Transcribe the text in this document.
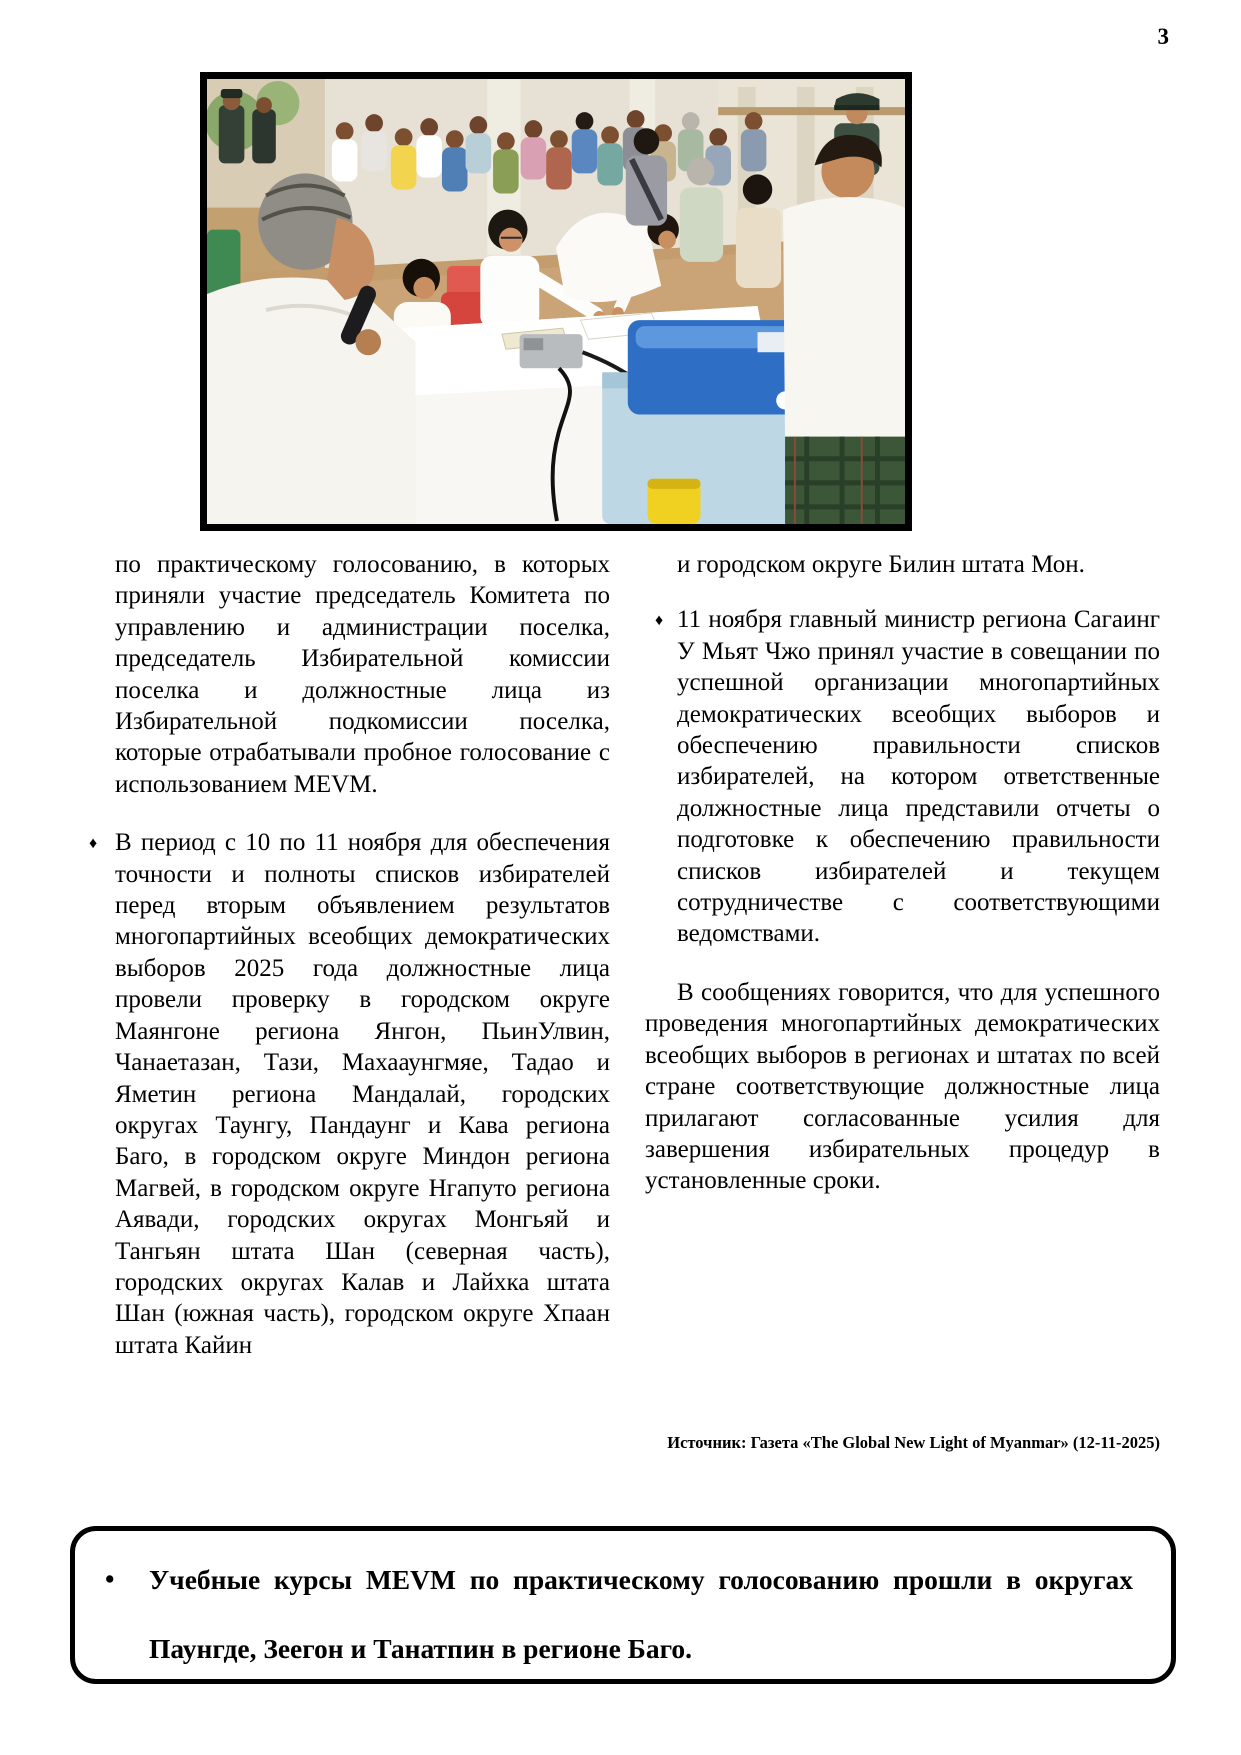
3

по практическому голосованию, в которых приняли участие председатель Комитета по управлению и администрации поселка, председатель Избирательной комиссии поселка и должностные лица из Избирательной подкомиссии поселка, которые отрабатывали пробное голосование с использованием MEVM.

♦ В период с 10 по 11 ноября для обеспечения точности и полноты списков избирателей перед вторым объявлением результатов многопартийных всеобщих демократических выборов 2025 года должностные лица провели проверку в городском округе Маянгоне региона Янгон, ПьинУлвин, Чанаетазан, Тази, Махааунгмяе, Тадао и Яметин региона Мандалай, городских округах Таунгу, Пандаунг и Кава региона Баго, в городском округе Миндон региона Магвей, в городском округе Нгапуто региона Аявади, городских округах Монгьяй и Тангьян штата Шан (северная часть), городских округах Калав и Лайхка штата Шан (южная часть), городском округе Хпаан штата Кайин

и городском округе Билин штата Мон.

♦ 11 ноября главный министр региона Сагаинг У Мьят Чжо принял участие в совещании по успешной организации многопартийных демократических всеобщих выборов и обеспечению правильности списков избирателей, на котором ответственные должностные лица представили отчеты о подготовке к обеспечению правильности списков избирателей и текущем сотрудничестве с соответствующими ведомствами.

В сообщениях говорится, что для успешного проведения многопартийных демократических всеобщих выборов в регионах и штатах по всей стране соответствующие должностные лица прилагают согласованные усилия для завершения избирательных процедур в установленные сроки.

Источник: Газета «The Global New Light of Myanmar» (12-11-2025)
•	Учебные курсы MEVM по практическому голосованию прошли в округах Паунгде, Зеегон и Танатпин в регионе Баго.
